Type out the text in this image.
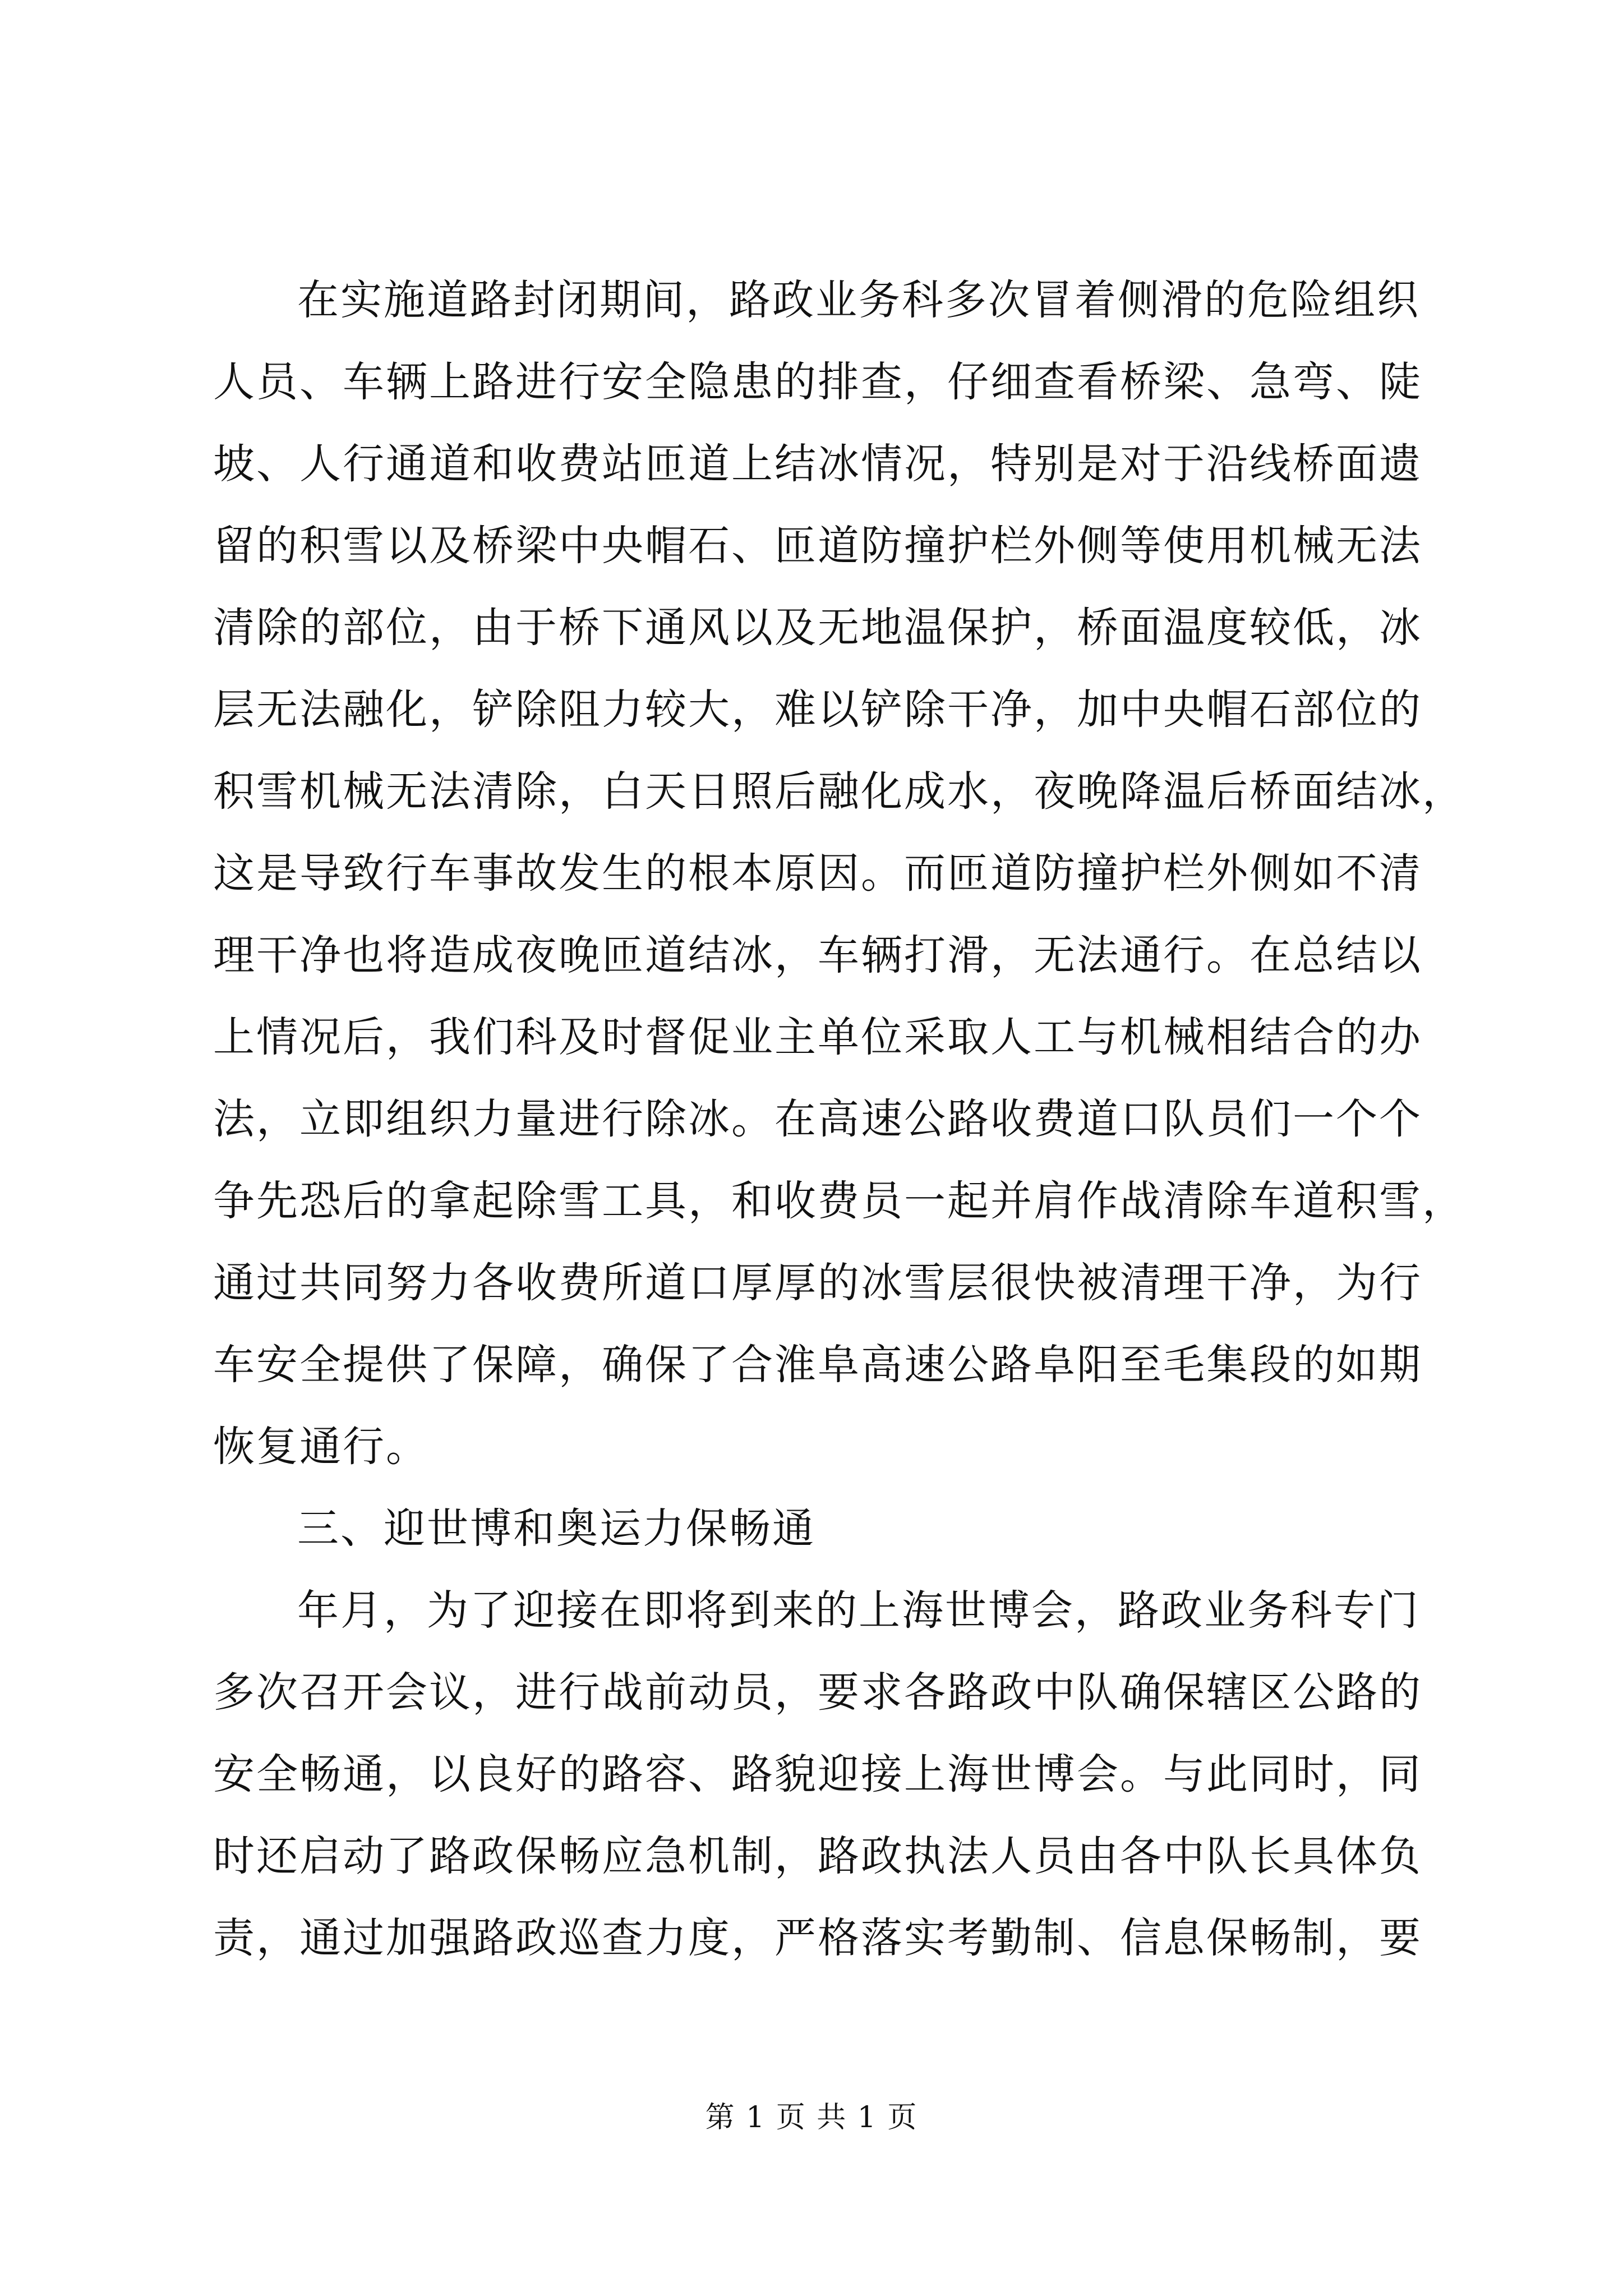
在实施道路封闭期间，路政业务科多次冒着侧滑的危险组织
人员、车辆上路进行安全隐患的排查，仔细查看桥梁、急弯、陡
坡、人行通道和收费站匝道上结冰情况，特别是对于沿线桥面遗
留的积雪以及桥梁中央帽石、匝道防撞护栏外侧等使用机械无法
清除的部位，由于桥下通风以及无地温保护，桥面温度较低，冰
层无法融化，铲除阻力较大，难以铲除干净，加中央帽石部位的
积雪机械无法清除，白天日照后融化成水，夜晚降温后桥面结冰，
这是导致行车事故发生的根本原因。而匝道防撞护栏外侧如不清
理干净也将造成夜晚匝道结冰，车辆打滑，无法通行。在总结以
上情况后，我们科及时督促业主单位采取人工与机械相结合的办
法，立即组织力量进行除冰。在高速公路收费道口队员们一个个
争先恐后的拿起除雪工具，和收费员一起并肩作战清除车道积雪，
通过共同努力各收费所道口厚厚的冰雪层很快被清理干净，为行
车安全提供了保障，确保了合淮阜高速公路阜阳至毛集段的如期
恢复通行。
三、迎世博和奥运力保畅通
年月，为了迎接在即将到来的上海世博会，路政业务科专门
多次召开会议，进行战前动员，要求各路政中队确保辖区公路的
安全畅通，以良好的路容、路貌迎接上海世博会。与此同时，同
时还启动了路政保畅应急机制，路政执法人员由各中队长具体负
责，通过加强路政巡查力度，严格落实考勤制、信息保畅制，要
第 1 页 共 1 页
